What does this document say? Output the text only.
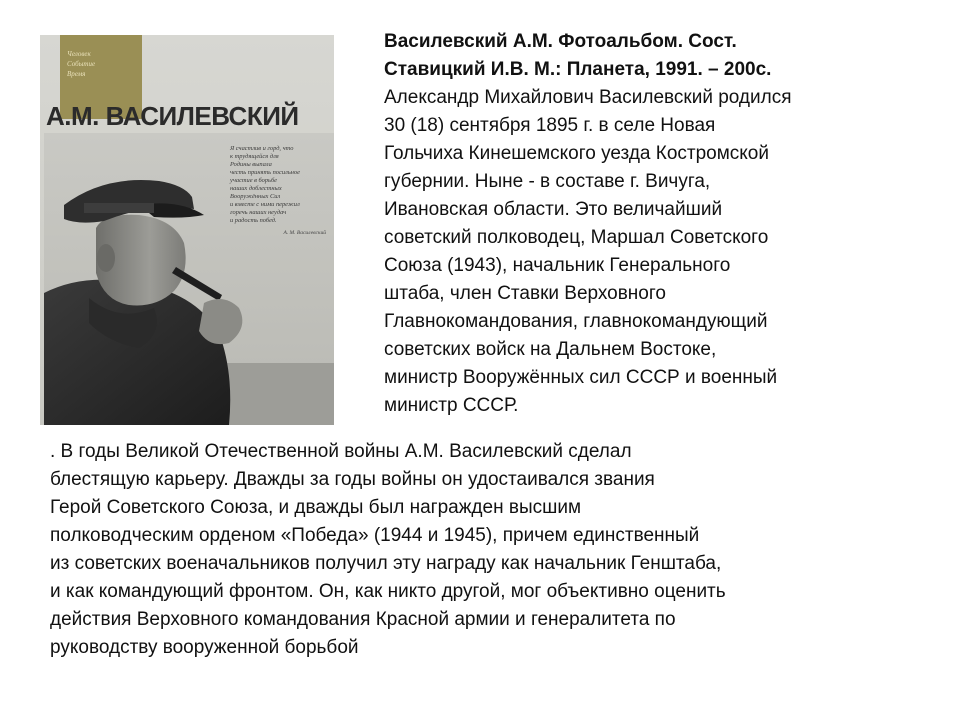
Человек
Событие
Время
А.М. ВАСИЛЕВСКИЙ
Я счастлив и горд, что
к трудящейся для
Родины выпала
честь принять посильное
участие в борьбе
наших доблестных
Вооружённых Сил
и вместе с ними пережил
горечь наших неудач
и радость побед.
А. М. Василевский
Василевский А.М. Фотоальбом. Сост.
Ставицкий И.В. М.: Планета, 1991. – 200с.
Александр Михайлович Василевский родился
30 (18) сентября 1895 г. в селе Новая
Гольчиха Кинешемского уезда Костромской
губернии. Ныне - в составе г. Вичуга,
Ивановская области. Это величайший
советский полководец, Маршал Советского
Союза (1943), начальник Генерального
штаба, член Ставки Верховного
Главнокомандования, главнокомандующий
советских войск на Дальнем Востоке,
министр Вооружённых сил СССР и военный
министр СССР.
. В годы Великой Отечественной войны А.М. Василевский сделал
блестящую карьеру. Дважды за годы войны он удостаивался звания
Герой Советского Союза, и дважды был награжден высшим
полководческим орденом «Победа» (1944 и 1945), причем единственный
из советских военачальников получил эту награду как начальник Генштаба,
и как командующий фронтом. Он, как никто другой, мог объективно оценить
действия Верховного командования Красной армии и генералитета по
руководству вооруженной борьбой
